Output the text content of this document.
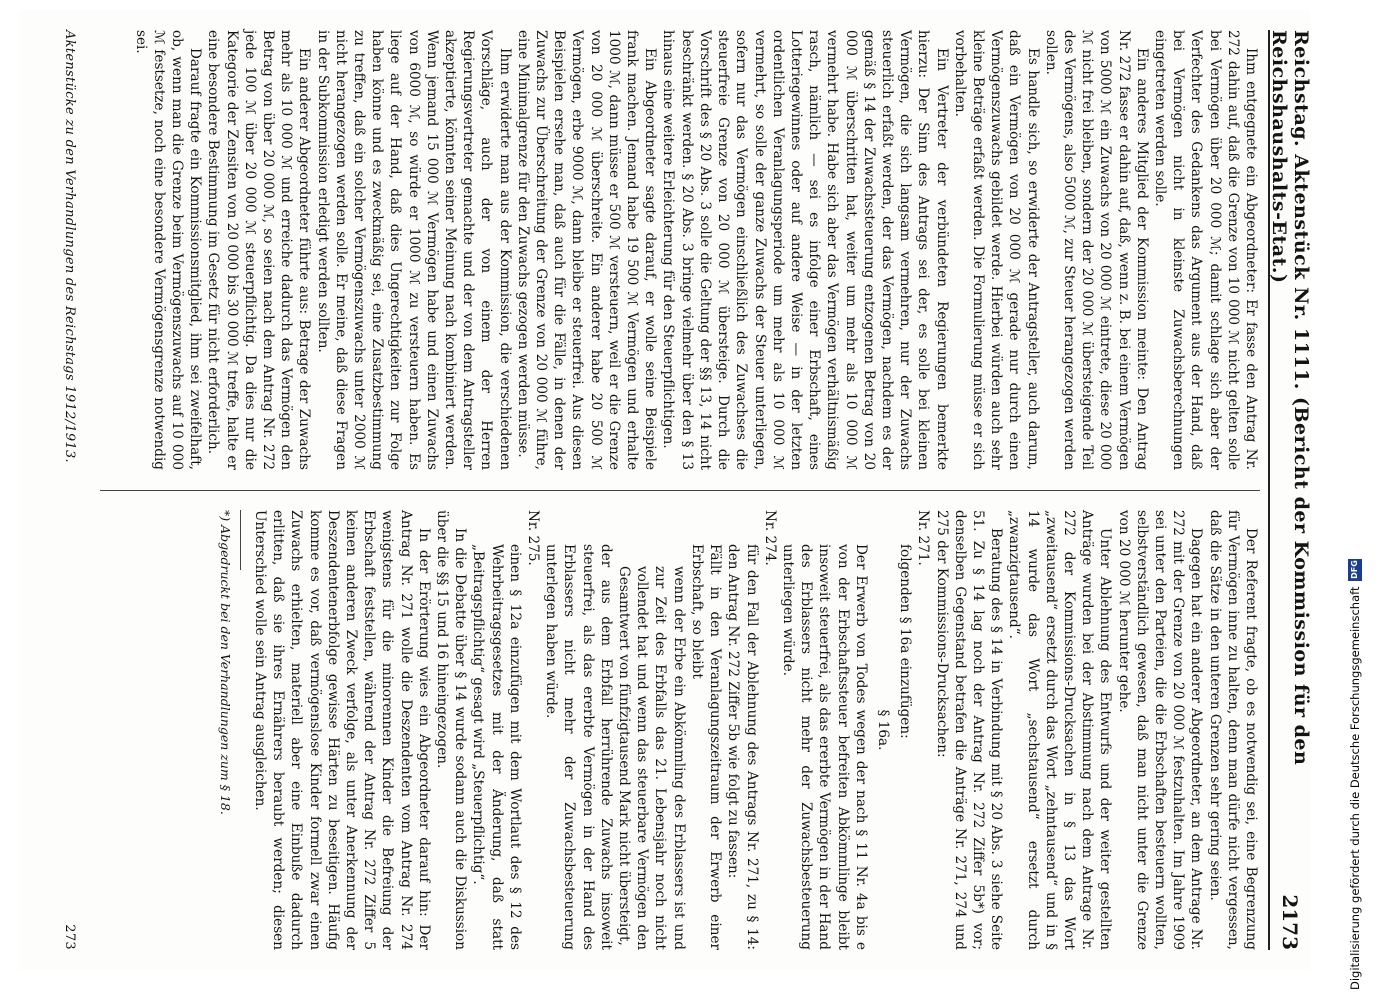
Reichstag. Aktenstück Nr. 1111. (Bericht der Kommission für den Reichshaushalts-Etat.)
2173

Ihm entgegnete ein Abgeordneter: Er fasse den Antrag Nr. 272 dahin auf, daß die Grenze von 10 000 ℳ nicht gelten solle bei Vermögen über 20 000 ℳ; damit schlage sich aber der Verfechter des Gedankens das Argument aus der Hand, daß bei Vermögen nicht in kleinste Zuwachsberechnungen eingetreten werden solle.

Ein anderes Mitglied der Kommission meinte: Den Antrag Nr. 272 fasse er dahin auf, daß, wenn z. B. bei einem Vermögen von 5000 ℳ ein Zuwachs von 20 000 ℳ eintrete, diese 20 000 ℳ nicht frei bleiben, sondern der 20 000 ℳ übersteigende Teil des Vermögens, also 5000 ℳ, zur Steuer herangezogen werden sollen.

Es handle sich, so erwiderte der Antragsteller, auch darum, daß ein Vermögen von 20 000 ℳ gerade nur durch einen Vermögenszuwachs gebildet werde. Hierbei würden auch sehr kleine Beträge erfaßt werden. Die Formulierung müsse er sich vorbehalten.

Ein Vertreter der verbündeten Regierungen bemerkte hierzu: Der Sinn des Antrags sei der, es solle bei kleinen Vermögen, die sich langsam vermehren, nur der Zuwachs steuerlich erfaßt werden, der das Vermögen, nachdem es der gemäß § 14 der Zuwachssteuerung entzogenen Betrag von 20 000 ℳ überschritten hat, weiter um mehr als 10 000 ℳ vermehrt habe. Habe sich aber das Vermögen verhältnismäßig rasch, nämlich — sei es infolge einer Erbschaft, eines Lotteriegewinnes oder auf andere Weise — in der letzten ordentlichen Veranlagungsperiode um mehr als 10 000 ℳ vermehrt, so solle der ganze Zuwachs der Steuer unterliegen, sofern nur das Vermögen einschließlich des Zuwachses die steuerfreie Grenze von 20 000 ℳ übersteige. Durch die Vorschrift des § 20 Abs. 3 solle die Geltung der §§ 13, 14 nicht beschränkt werden. § 20 Abs. 3 bringe vielmehr über den § 13 hinaus eine weitere Erleichterung für den Steuerpflichtigen.

Ein Abgeordneter sagte darauf, er wolle seine Beispiele frank machen. Jemand habe 19 500 ℳ Vermögen und erhalte 1000 ℳ, dann müsse er 500 ℳ versteuern, weil er die Grenze von 20 000 ℳ überschreite. Ein anderer habe 20 500 ℳ Vermögen, erbe 9000 ℳ, dann bleibe er steuerfrei. Aus diesen Beispielen ersehe man, daß auch für die Fälle, in denen der Zuwachs zur Überschreitung der Grenze von 20 000 ℳ führe, eine Minimalgrenze für den Zuwachs gezogen werden müsse.

Ihm erwiderte man aus der Kommission, die verschiedenen Vorschläge, auch der von einem der Herren Regierungsvertreter gemachte und der von dem Antragsteller akzeptierte, könnten seiner Meinung nach kombiniert werden. Wenn jemand 15 000 ℳ Vermögen habe und einen Zuwachs von 6000 ℳ, so würde er 1000 ℳ zu versteuern haben. Es liege auf der Hand, daß dies Ungerechtigkeiten zur Folge haben könne und es zweckmäßig sei, eine Zusatzbestimmung zu treffen, daß ein solcher Vermögenszuwachs unter 2000 ℳ nicht herangezogen werden solle. Er meine, daß diese Fragen in der Subkommission erledigt werden sollten.

Ein anderer Abgeordneter führte aus: Betrage der Zuwachs mehr als 10 000 ℳ und erreiche dadurch das Vermögen den Betrag von über 20 000 ℳ, so seien nach dem Antrag Nr. 272 jede 100 ℳ über 20 000 ℳ steuerpflichtig. Da dies nur die Kategorie der Zensiten von 20 000 bis 30 000 ℳ treffe, halte er eine besondere Bestimmung im Gesetz für nicht erforderlich.

Darauf fragte ein Kommissionsmitglied, ihm sei zweifelhaft, ob, wenn man die Grenze beim Vermögenszuwachs auf 10 000 ℳ festsetze, noch eine besondere Vermögensgrenze notwendig sei.

Der Referent fragte, ob es notwendig sei, eine Begrenzung für Vermögen inne zu halten, denn man dürfe nicht vergessen, daß die Sätze in den unteren Grenzen sehr gering seien.

Dagegen hat ein anderer Abgeordneter, an dem Antrage Nr. 272 mit der Grenze von 20 000 ℳ festzuhalten. Im Jahre 1909 sei unter den Parteien, die die Erbschaften besteuern wollten, selbstverständlich gewesen, daß man nicht unter die Grenze von 20 000 ℳ herunter gehe.

Unter Ablehnung des Entwurfs und der weiter gestellten Anträge wurden bei der Abstimmung nach dem Antrage Nr. 272 der Kommissions-Drucksachen in § 13 das Wort „zweitausend“ ersetzt durch das Wort „zehntausend“ und in § 14 wurde das Wort „sechstausend“ ersetzt durch „zwanzigtausend“.

Beratung des § 14 in Verbindung mit § 20 Abs. 3 siehe Seite 51. Zu § 14 lag noch der Antrag Nr. 272 Ziffer 5b*) vor; denselben Gegenstand betrafen die Anträge Nr. 271, 274 und 275 der Kommissions-Drucksachen:

Nr. 271.

folgenden § 16a einzufügen:

§ 16a.

Der Erwerb von Todes wegen der nach § 11 Nr. 4a bis e von der Erbschaftssteuer befreiten Abkömmlinge bleibt insoweit steuerfrei, als das ererbte Vermögen in der Hand des Erblassers nicht mehr der Zuwachsbesteuerung unterliegen würde.

Nr. 274.

für den Fall der Ablehnung des Antrags Nr. 271, zu § 14: den Antrag Nr. 272 Ziffer 5b wie folgt zu fassen:

Fällt in den Veranlagungszeitraum der Erwerb einer Erbschaft, so bleibt

wenn der Erbe ein Abkömmling des Erblassers ist und zur Zeit des Erbfalls das 21. Lebensjahr noch nicht vollendet hat und wenn das steuerbare Vermögen den Gesamtwert von fünfzigtausend Mark nicht übersteigt,

der aus dem Erbfall herrührende Zuwachs insoweit steuerfrei, als das ererbte Vermögen in der Hand des Erblassers nicht mehr der Zuwachsbesteuerung unterlegen haben würde.

Nr. 275.

einen § 12a einzufügen mit dem Wortlaut des § 12 des Wehrbeitragsgesetzes mit der Änderung, daß statt „Beitragspflichtig“ gesagt wird „Steuerpflichtig“.

In die Debatte über § 14 wurde sodann auch die Diskussion über die §§ 15 und 16 hineingezogen.

In der Erörterung wies ein Abgeordneter darauf hin: Der Antrag Nr. 271 wolle die Deszendenten vom Antrag Nr. 274 wenigstens für die minorennen Kinder die Befreiung der Erbschaft feststellen, während der Antrag Nr. 272 Ziffer 5 keinen anderen Zweck verfolge, als unter Anerkennung der Deszendentenerbfolge gewisse Härten zu beseitigen. Häufig komme es vor, daß vermögenslose Kinder formell zwar einen Zuwachs erhielten, materiell aber eine Einbuße dadurch erlitten, daß sie ihres Ernährers beraubt werden; diesen Unterschied wolle sein Antrag ausgleichen.

*) Abgedruckt bei den Verhandlungen zum § 18.

Aktenstücke zu den Verhandlungen des Reichstags 1912/1913.
273	Digitalisierung gefördert durch die Deutsche Forschungsgemeinschaft
DFG
